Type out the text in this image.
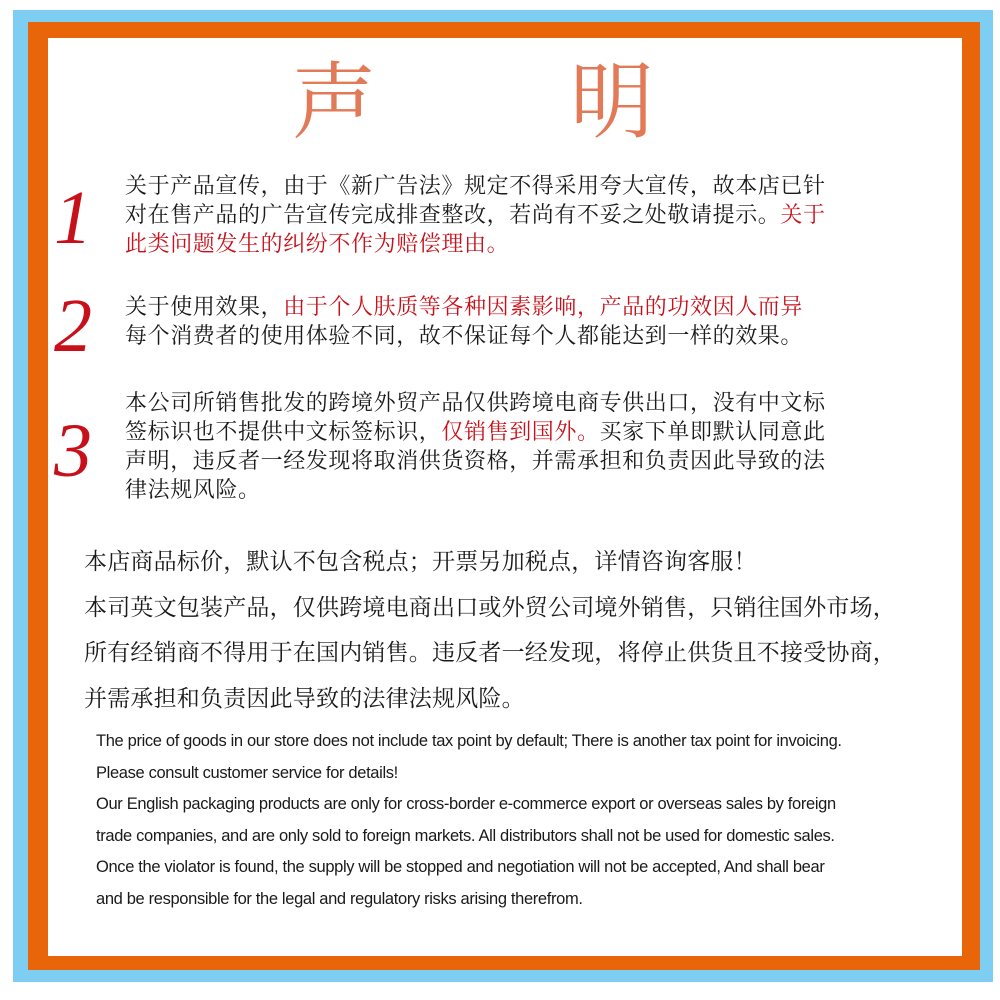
声 明
1 关于产品宣传，由于《新广告法》规定不得采用夸大宣传，故本店已针
对在售产品的广告宣传完成排查整改，若尚有不妥之处敬请提示。关于
此类问题发生的纠纷不作为赔偿理由。
2 关于使用效果，由于个人肤质等各种因素影响，产品的功效因人而异
每个消费者的使用体验不同，故不保证每个人都能达到一样的效果。
3
本公司所销售批发的跨境外贸产品仅供跨境电商专供出口，没有中文标
签标识也不提供中文标签标识，仅销售到国外。买家下单即默认同意此
声明，违反者一经发现将取消供货资格，并需承担和负责因此导致的法
律法规风险。
本店商品标价，默认不包含税点；开票另加税点，详情咨询客服！
本司英文包装产品，仅供跨境电商出口或外贸公司境外销售，只销往国外市场，
所有经销商不得用于在国内销售。违反者一经发现，将停止供货且不接受协商，
并需承担和负责因此导致的法律法规风险。
The price of goods in our store does not include tax point by default; There is another tax point for invoicing.
Please consult customer service for details!
Our English packaging products are only for cross-border e-commerce export or overseas sales by foreign
trade companies, and are only sold to foreign markets. All distributors shall not be used for domestic sales.
Once the violator is found, the supply will be stopped and negotiation will not be accepted, And shall bear
and be responsible for the legal and regulatory risks arising therefrom.
